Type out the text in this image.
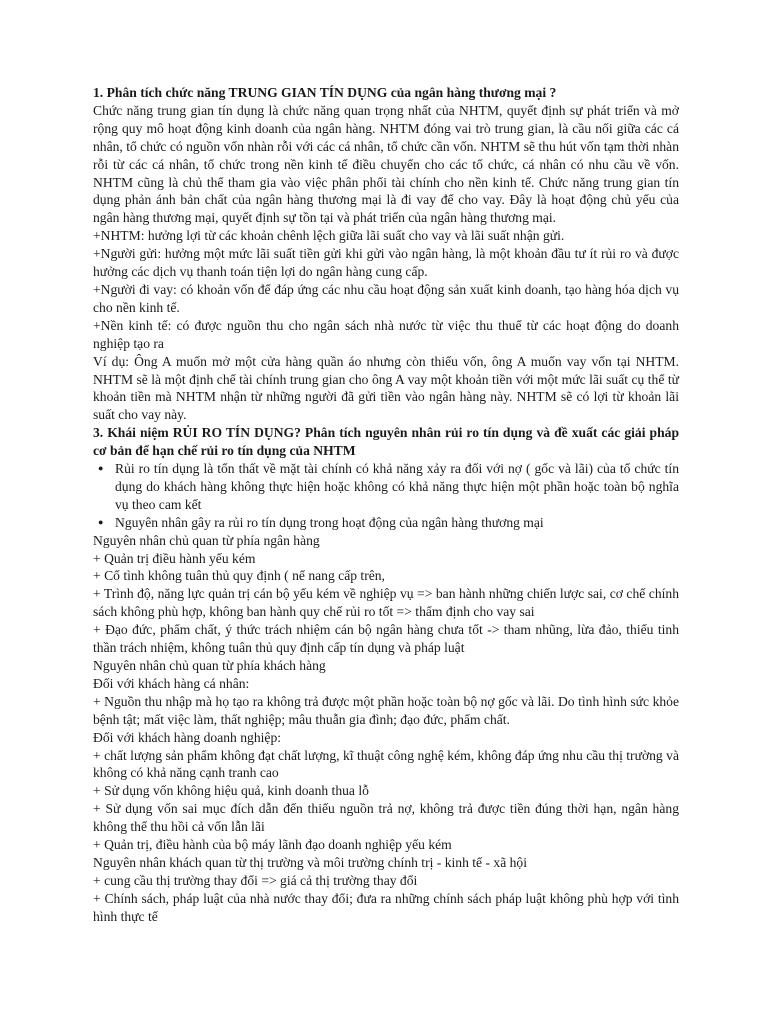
1. Phân tích chức năng TRUNG GIAN TÍN DỤNG của ngân hàng thương mại ?

Chức năng trung gian tín dụng là chức năng quan trọng nhất của NHTM, quyết định sự phát triển và mở rộng quy mô hoạt động kinh doanh của ngân hàng. NHTM đóng vai trò trung gian, là cầu nối giữa các cá nhân, tổ chức có nguồn vốn nhàn rỗi với các cá nhân, tổ chức cần vốn. NHTM sẽ thu hút vốn tạm thời nhàn rỗi từ các cá nhân, tổ chức trong nền kinh tế điều chuyển cho các tổ chức, cá nhân có nhu cầu về vốn. NHTM cũng là chủ thể tham gia vào việc phân phối tài chính cho nền kinh tế. Chức năng trung gian tín dụng phản ánh bản chất của ngân hàng thương mại là đi vay để cho vay. Đây là hoạt động chủ yếu của ngân hàng thương mại, quyết định sự tồn tại và phát triển của ngân hàng thương mại.

+NHTM: hưởng lợi từ các khoản chênh lệch giữa lãi suất cho vay và lãi suất nhận gửi.

+Người gửi: hưởng một mức lãi suất tiền gửi khi gửi vào ngân hàng, là một khoản đầu tư ít rủi ro và được hưởng các dịch vụ thanh toán tiện lợi do ngân hàng cung cấp.

+Người đi vay: có khoản vốn để đáp ứng các nhu cầu hoạt động sản xuất kinh doanh, tạo hàng hóa dịch vụ cho nền kinh tế.

+Nền kinh tế: có được nguồn thu cho ngân sách nhà nước từ việc thu thuế từ các hoạt động do doanh nghiệp tạo ra

Ví dụ: Ông A muốn mở một cửa hàng quần áo nhưng còn thiếu vốn, ông A muốn vay vốn tại NHTM. NHTM sẽ là một định chế tài chính trung gian cho ông A vay một khoản tiền với một mức lãi suất cụ thể từ khoản tiền mà NHTM nhận từ những người đã gửi tiền vào ngân hàng này. NHTM sẽ có lợi từ khoản lãi suất cho vay này.

3. Khái niệm RỦI RO TÍN DỤNG? Phân tích nguyên nhân rủi ro tín dụng và đề xuất các giải pháp cơ bản để hạn chế rủi ro tín dụng của NHTM

● Rủi ro tín dụng là tổn thất về mặt tài chính có khả năng xảy ra đối với nợ ( gốc và lãi) của tổ chức tín dụng do khách hàng không thực hiện hoặc không có khả năng thực hiện một phần hoặc toàn bộ nghĩa vụ theo cam kết
● Nguyên nhân gây ra rủi ro tín dụng trong hoạt động của ngân hàng thương mại

Nguyên nhân chủ quan từ phía ngân hàng

+ Quản trị điều hành yếu kém

+ Cố tình không tuân thủ quy định ( nể nang cấp trên,

+ Trình độ, năng lực quản trị cán bộ yếu kém về nghiệp vụ => ban hành những chiến lược sai, cơ chế chính sách không phù hợp, không ban hành quy chế rủi ro tốt => thẩm định cho vay sai

+ Đạo đức, phẩm chất, ý thức trách nhiệm cán bộ ngân hàng chưa tốt -> tham nhũng, lừa đảo, thiếu tinh thần trách nhiệm, không tuân thủ quy định cấp tín dụng và pháp luật

Nguyên nhân chủ quan từ phía khách hàng

Đối với khách hàng cá nhân:

+ Nguồn thu nhập mà họ tạo ra không trả được một phần hoặc toàn bộ nợ gốc và lãi. Do tình hình sức khỏe bệnh tật; mất việc làm, thất nghiệp; mâu thuẫn gia đình; đạo đức, phẩm chất.

Đối với khách hàng doanh nghiệp:

+ chất lượng sản phẩm không đạt chất lượng, kĩ thuật công nghệ kém, không đáp ứng nhu cầu thị trường và không có khả năng cạnh tranh cao

+ Sử dụng vốn không hiệu quả, kinh doanh thua lỗ

+ Sử dụng vốn sai mục đích dẫn đến thiếu nguồn trả nợ, không trả được tiền đúng thời hạn, ngân hàng không thể thu hồi cả vốn lẫn lãi

+ Quản trị, điều hành của bộ máy lãnh đạo doanh nghiệp yếu kém

Nguyên nhân khách quan từ thị trường và môi trường chính trị - kinh tế - xã hội

+ cung cầu thị trường thay đổi => giá cả thị trường thay đổi

+ Chính sách, pháp luật của nhà nước thay đổi; đưa ra những chính sách pháp luật không phù hợp với tình hình thực tế
